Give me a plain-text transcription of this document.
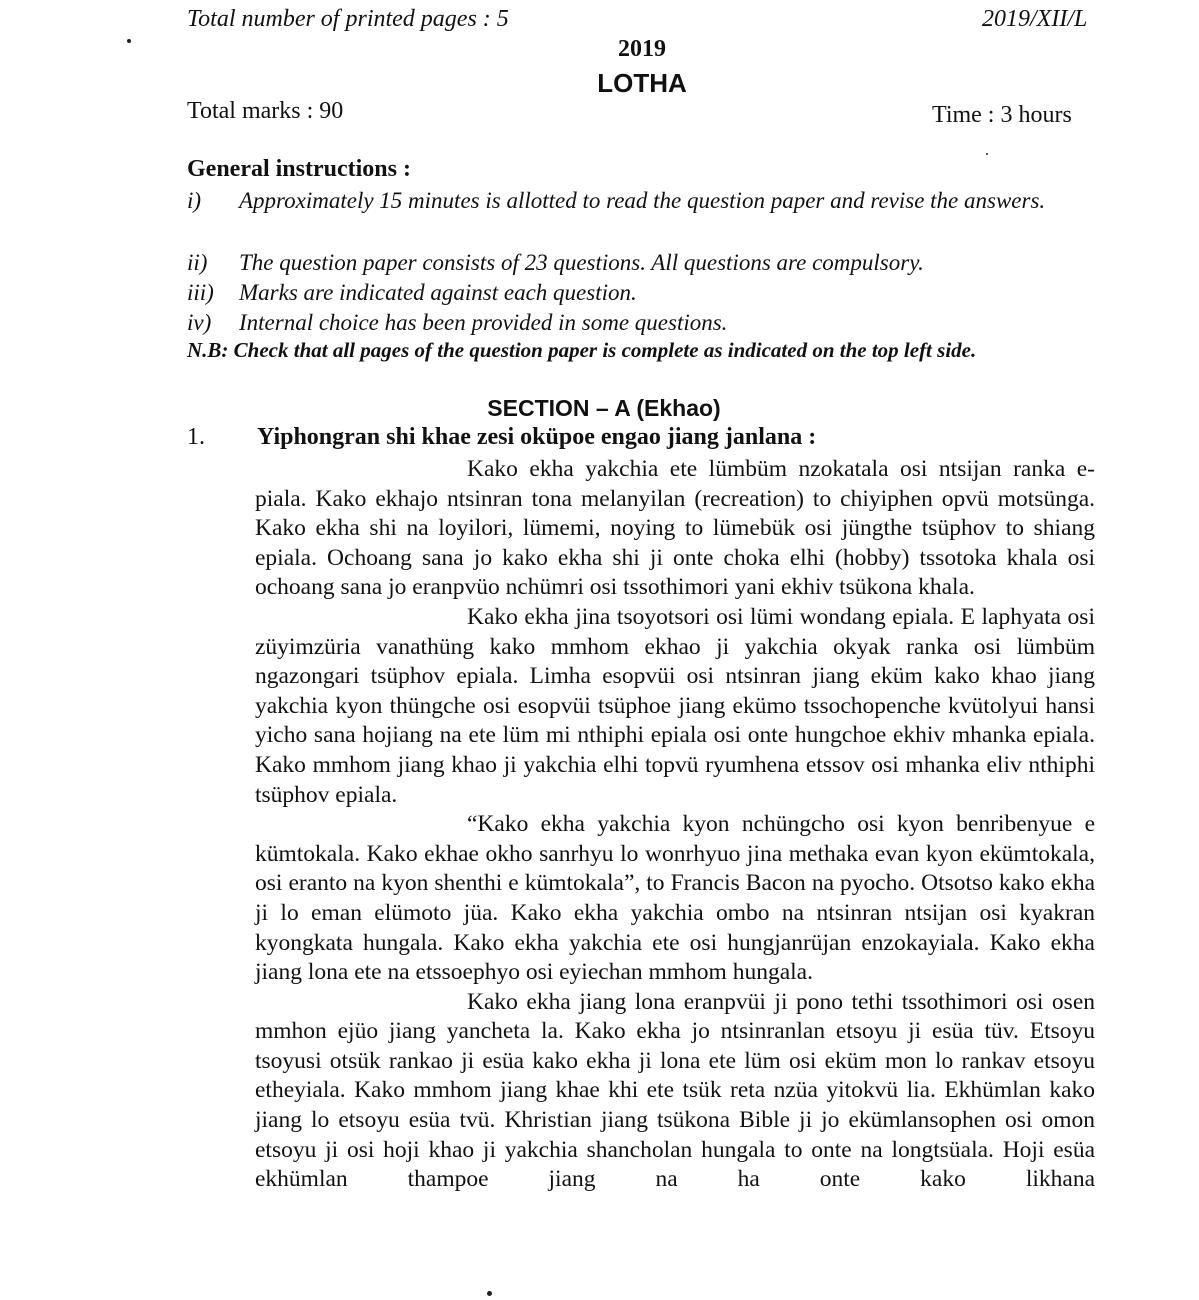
Total number of printed pages : 5	2019/XII/L
2019
LOTHA
Total marks : 90	Time : 3 hours
General instructions :
i) Approximately 15 minutes is allotted to read the question paper and revise the answers.
ii) The question paper consists of 23 questions. All questions are compulsory.
iii) Marks are indicated against each question.
iv) Internal choice has been provided in some questions.
N.B: Check that all pages of the question paper is complete as indicated on the top left side.
SECTION – A (Ekhao)
1. Yiphongran shi khae zesi oküpoe engao jiang janlana :

Kako ekha yakchia ete lümbüm nzokatala osi ntsijan ranka e-piala. Kako ekhajo ntsinran tona melanyilan (recreation) to chiyiphen opvü motsünga. Kako ekha shi na loyilori, lümemi, noying to lümebük osi jüngthe tsüphov to shiang epiala. Ochoang sana jo kako ekha shi ji onte choka elhi (hobby) tssotoka khala osi ochoang sana jo eranpvüo nchümri osi tssothimori yani ekhiv tsükona khala.

Kako ekha jina tsoyotsori osi lümi wondang epiala. E laphyata osi züyimzüria vanathüng kako mmhom ekhao ji yakchia okyak ranka osi lümbüm ngazongari tsüphov epiala. Limha esopvüi osi ntsinran jiang eküm kako khao jiang yakchia kyon thüngche osi esopvüi tsüphoe jiang ekümo tssochopenche kvütolyui hansi yicho sana hojiang na ete lüm mi nthiphi epiala osi onte hungchoe ekhiv mhanka epiala. Kako mmhom jiang khao ji yakchia elhi topvü ryumhena etssov osi mhanka eliv nthiphi tsüphov epiala.

“Kako ekha yakchia kyon nchüngcho osi kyon benribenyue e kümtokala. Kako ekhae okho sanrhyu lo wonrhyuo jina methaka evan kyon ekümtokala, osi eranto na kyon shenthi e kümtokala”, to Francis Bacon na pyocho. Otsotso kako ekha ji lo eman elümoto jüa. Kako ekha yakchia ombo na ntsinran ntsijan osi kyakran kyongkata hungala. Kako ekha yakchia ete osi hungjanrüjan enzokayiala. Kako ekha jiang lona ete na etssoephyo osi eyiechan mmhom hungala.

Kako ekha jiang lona eranpvüi ji pono tethi tssothimori osi osen mmhon ejüo jiang yancheta la. Kako ekha jo ntsinranlan etsoyu ji esüa tüv. Etsoyu tsoyusi otsük rankao ji esüa kako ekha ji lona ete lüm osi eküm mon lo rankav etsoyu etheyiala. Kako mmhom jiang khae khi ete tsük reta nzüa yitokvü lia. Ekhümlan kako jiang lo etsoyu esüa tvü. Khristian jiang tsükona Bible ji jo ekümlansophen osi omon etsoyu ji osi hoji khao ji yakchia shancholan hungala to onte na longtsüala. Hoji esüa ekhümlan thampoe jiang na ha onte kako likhana
